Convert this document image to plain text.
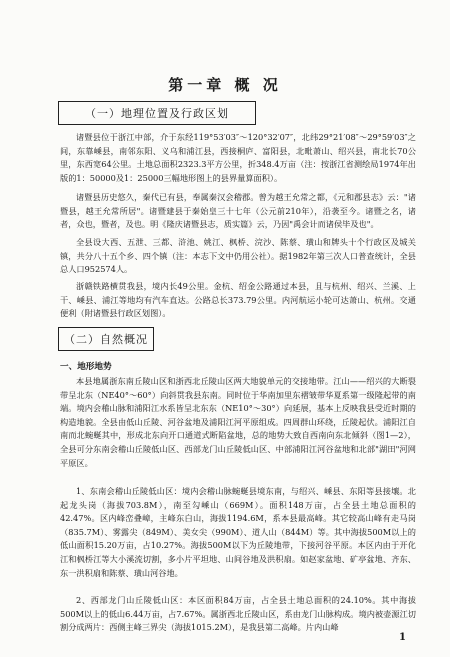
第一章 概 况
（一）地理位置及行政区划

诸暨县位于浙江中部，介于东经119°53′03″～120°32′07″，北纬29°21′08″～29°59′03″之间，东靠嵊县，南邻东阳、义乌和浦江县，西接桐庐、富阳县，北毗萧山、绍兴县，南北长70公里，东西宽64公里。土地总面积2323.3平方公里，折348.4万亩（注：按浙江省测绘局1974年出版的1：50000及1：25000三幅地形图上的县界量算面积）。

诸暨县历史悠久，秦代已有县，奉属秦汉会稽郡。曾为越王允常之都，《元和郡县志》云："诸暨县，越王允常所居"。诸暨建县于秦始皇三十七年（公元前210年），沿袭至今。诸暨之名，诸者，众也，暨者，及也。明《隆庆诸暨县志，质实篇》云，乃因"禹会计而诸侯毕及也"。

全县设大西、五泄、三都、浒池、姚江、枫桥、浣沙、陈蔡、璜山和牌头十个行政区及城关镇，共分八十五个乡、四个镇（注：本志下文中仍用公社）。据1982年第三次人口普查统计，全县总人口952574人。

浙赣铁路横贯我县，境内长49公里。金杭、绍金公路通过本县，且与杭州、绍兴、兰溪、上干、嵊县、浦江等地均有汽车直达。公路总长373.79公里。内河航运小轮可达萧山、杭州。交通便利（附诸暨县行政区划图）。

（二）自然概况
一、地形地势

本县地属浙东南丘陵山区和浙西北丘陵山区两大地貌单元的交接地带。江山——绍兴的大断裂带呈北东（NE40°～60°）向斜贯我县东南。同时位于华南加里东褶皱带华夏系第一级隆起带的南端。境内会稽山脉和浦阳江水系皆呈北东东（NE10°～30°）向延展，基本上反映我县受近时期的构造地貌。全县由低山丘陵、河谷盆地及浦阳江河平原组成。四周群山环绕，丘陵起伏。浦阳江自南而北蜿蜒其中，形成北东向开口通道式断陷盆地，总的地势大致自西南向东北倾斜（图1—2），全县可分东南会稽山丘陵低山区、西部龙门山丘陵低山区、中部浦阳江河谷盆地和北部"湖田"河网平原区。

1、东南会稽山丘陵低山区：境内会稽山脉蜿蜒县境东南，与绍兴、嵊县、东阳等县接壤。北起龙头岗（海拔703.8M），南至勾嵊山（669M）。面积148万亩，占全县土地总面积的42.47%。区内峰峦叠嶂，主峰东白山，海拔1194.6M，系本县最高峰。其它较高山峰有走马岗（835.7M）、雾露尖（849M）、美女尖（990M）、道人山（844M）等。其中海拔500M以上的低山面积15.20万亩，占10.27%。海拔500M以下为丘陵地带，下接河谷平原。本区内由于开化江和枫桥江等大小溪流切割，多小片平坦地、山间谷地及洪积扇。如赵家盆地、矿亭盆地、齐东、东一洪积扇和陈蔡、璜山河谷地。

2、西部龙门山丘陵低山区：本区面积84万亩，占全县土地总面积的24.10%。其中海拔500M以上的低山6.44万亩，占7.67%。属浙西北丘陵山区，系由龙门山脉构成。境内被壶源江切割分成两片：西侧主峰三界尖（海拔1015.2M），是我县第二高峰。片内山峰

1
